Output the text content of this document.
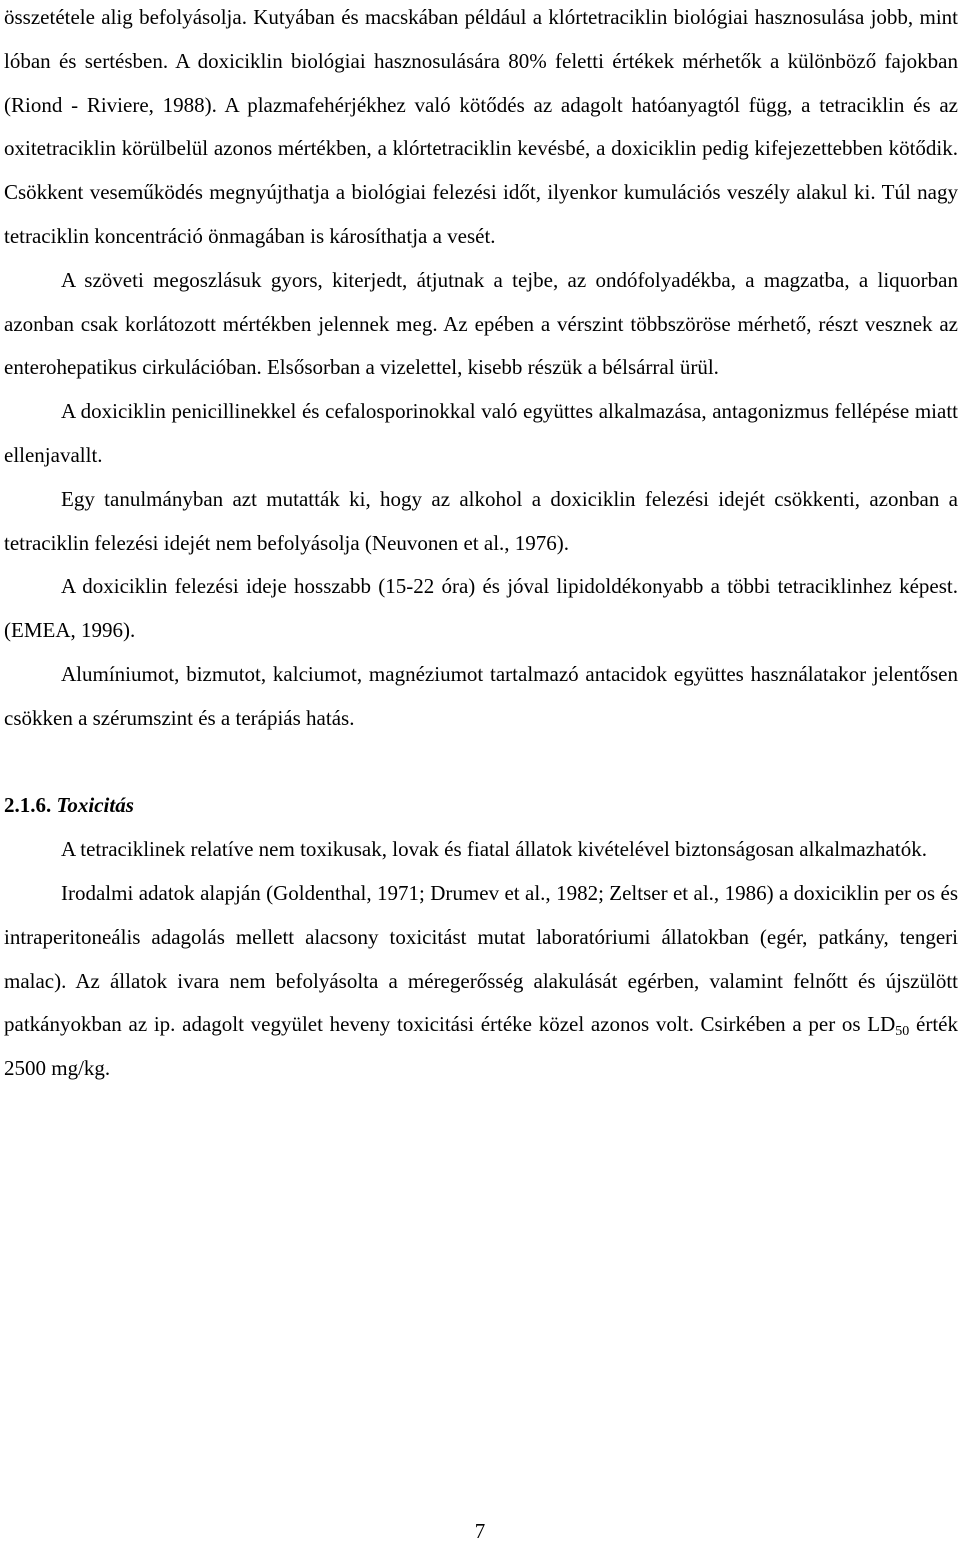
összetétele alig befolyásolja. Kutyában és macskában például a klórtetraciklin biológiai hasznosulása jobb, mint lóban és sertésben. A doxiciklin biológiai hasznosulására 80% feletti értékek mérhetők a különböző fajokban (Riond - Riviere, 1988). A plazmafehérjékhez való kötődés az adagolt hatóanyagtól függ, a tetraciklin és az oxitetraciklin körülbelül azonos mértékben, a klórtetraciklin kevésbé, a doxiciklin pedig kifejezettebben kötődik. Csökkent veseműködés megnyújthatja a biológiai felezési időt, ilyenkor kumulációs veszély alakul ki. Túl nagy tetraciklin koncentráció önmagában is károsíthatja a vesét.

A szöveti megoszlásuk gyors, kiterjedt, átjutnak a tejbe, az ondófolyadékba, a magzatba, a liquorban azonban csak korlátozott mértékben jelennek meg. Az epében a vérszint többszöröse mérhető, részt vesznek az enterohepatikus cirkulációban. Elsősorban a vizelettel, kisebb részük a bélsárral ürül.

A doxiciklin penicillinekkel és cefalosporinokkal való együttes alkalmazása, antagonizmus fellépése miatt ellenjavallt.

Egy tanulmányban azt mutatták ki, hogy az alkohol a doxiciklin felezési idejét csökkenti, azonban a tetraciklin felezési idejét nem befolyásolja (Neuvonen et al., 1976).

A doxiciklin felezési ideje hosszabb (15-22 óra) és jóval lipidoldékonyabb a többi tetraciklinhez képest. (EMEA, 1996).

Alumíniumot, bizmutot, kalciumot, magnéziumot tartalmazó antacidok együttes használatakor jelentősen csökken a szérumszint és a terápiás hatás.

2.1.6. Toxicitás

A tetraciklinek relatíve nem toxikusak, lovak és fiatal állatok kivételével biztonságosan alkalmazhatók.

Irodalmi adatok alapján (Goldenthal, 1971; Drumev et al., 1982; Zeltser et al., 1986) a doxiciklin per os és intraperitoneális adagolás mellett alacsony toxicitást mutat laboratóriumi állatokban (egér, patkány, tengeri malac). Az állatok ivara nem befolyásolta a méregerősség alakulását egérben, valamint felnőtt és újszülött patkányokban az ip. adagolt vegyület heveny toxicitási értéke közel azonos volt. Csirkében a per os $LD_{50}$ érték 2500 mg/kg.

7
